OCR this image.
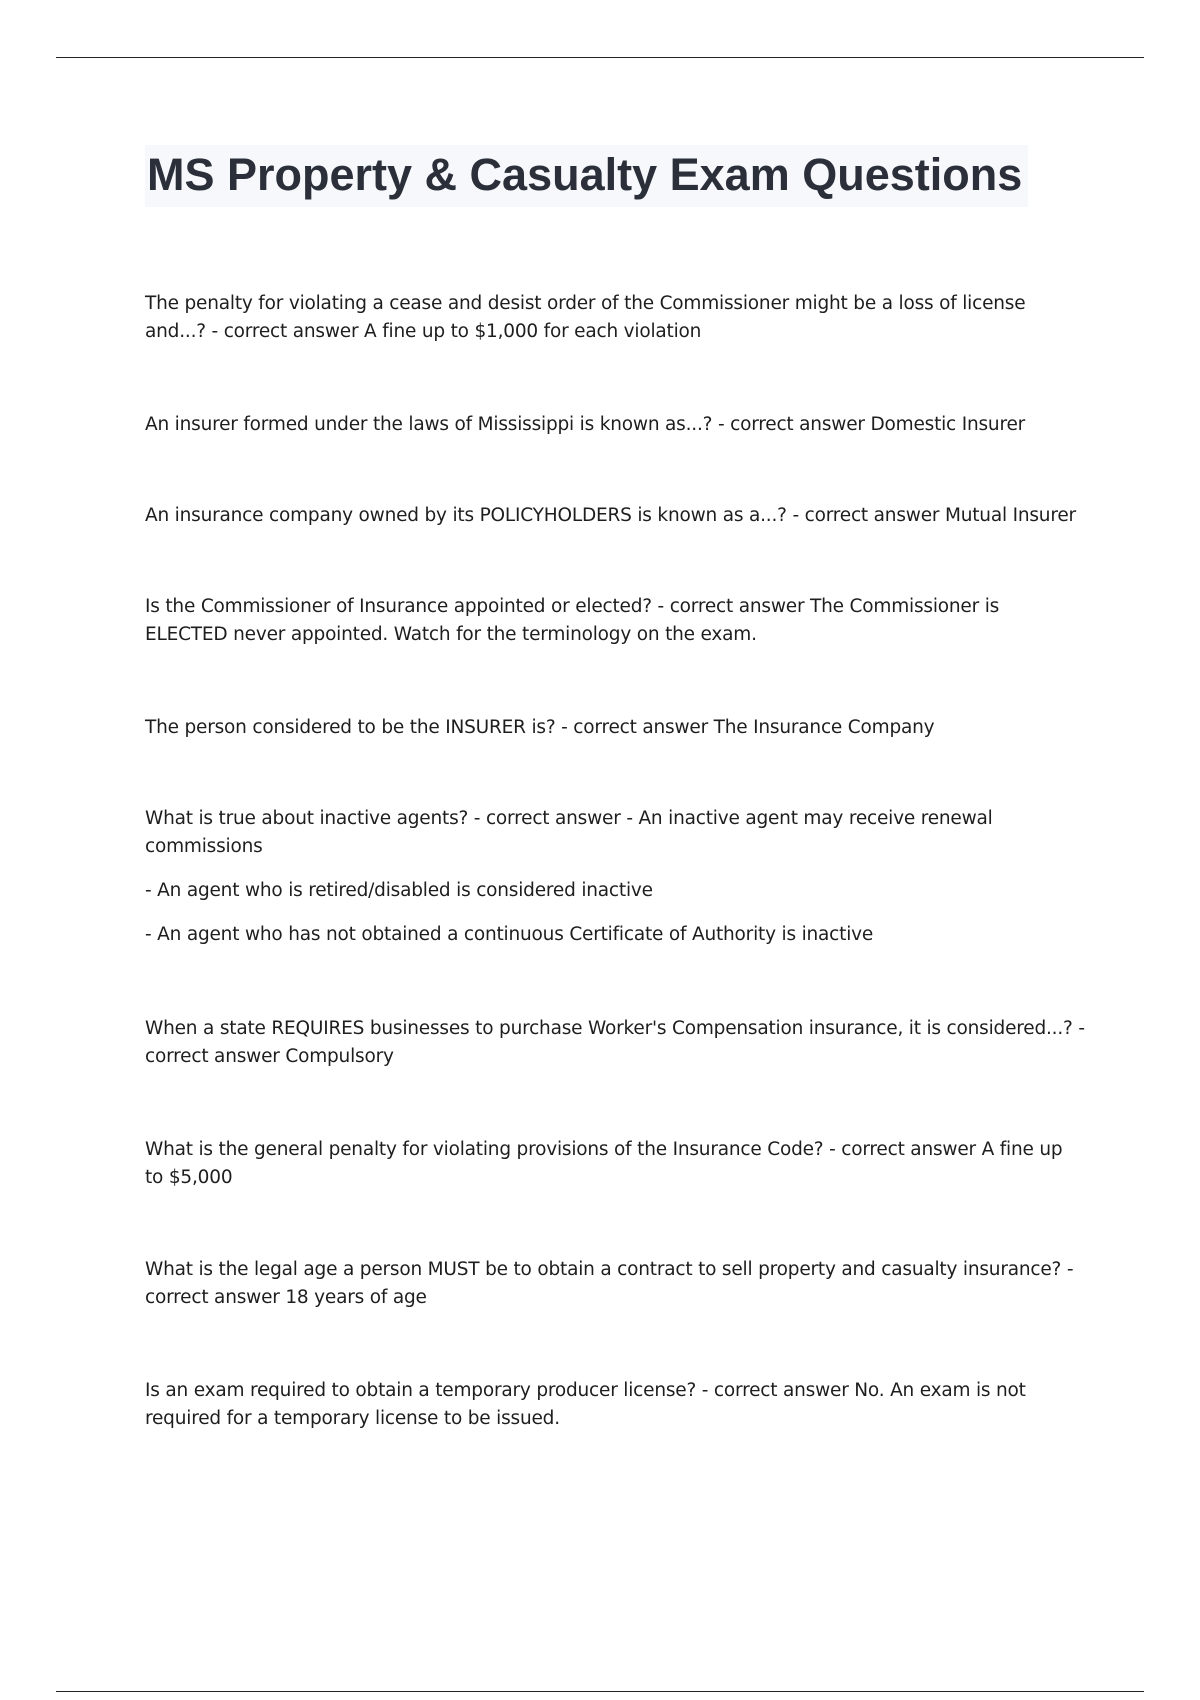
MS Property & Casualty Exam Questions

The penalty for violating a cease and desist order of the Commissioner might be a loss of license and...? - correct answer A fine up to $1,000 for each violation

An insurer formed under the laws of Mississippi is known as...? - correct answer Domestic Insurer

An insurance company owned by its POLICYHOLDERS is known as a...? - correct answer Mutual Insurer

Is the Commissioner of Insurance appointed or elected? - correct answer The Commissioner is ELECTED never appointed. Watch for the terminology on the exam.

The person considered to be the INSURER is? - correct answer The Insurance Company

What is true about inactive agents? - correct answer - An inactive agent may receive renewal commissions

- An agent who is retired/disabled is considered inactive

- An agent who has not obtained a continuous Certificate of Authority is inactive

When a state REQUIRES businesses to purchase Worker's Compensation insurance, it is considered...? - correct answer Compulsory

What is the general penalty for violating provisions of the Insurance Code? - correct answer A fine up to $5,000

What is the legal age a person MUST be to obtain a contract to sell property and casualty insurance? - correct answer 18 years of age

Is an exam required to obtain a temporary producer license? - correct answer No. An exam is not required for a temporary license to be issued.
